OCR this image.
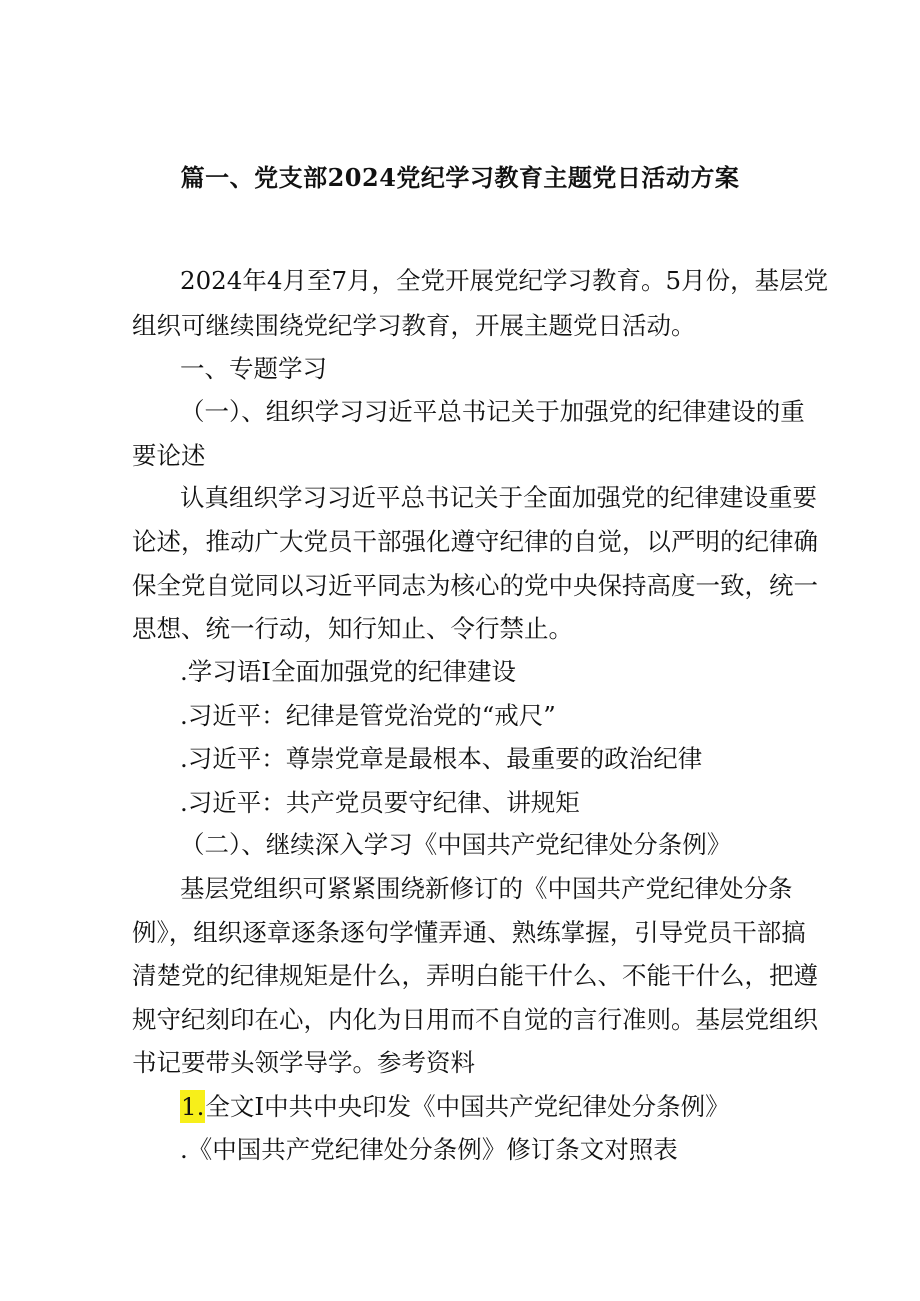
篇一、党支部2024党纪学习教育主题党日活动方案
2024年4月至7月，全党开展党纪学习教育。5月份，基层党
组织可继续围绕党纪学习教育，开展主题党日活动。
一、专题学习
（一）、组织学习习近平总书记关于加强党的纪律建设的重
要论述
认真组织学习习近平总书记关于全面加强党的纪律建设重要
论述，推动广大党员干部强化遵守纪律的自觉，以严明的纪律确
保全党自觉同以习近平同志为核心的党中央保持高度一致，统一
思想、统一行动，知行知止、令行禁止。
.学习语I全面加强党的纪律建设
.习近平：纪律是管党治党的“戒尺”
.习近平：尊崇党章是最根本、最重要的政治纪律
.习近平：共产党员要守纪律、讲规矩
（二）、继续深入学习《中国共产党纪律处分条例》
基层党组织可紧紧围绕新修订的《中国共产党纪律处分条
例》，组织逐章逐条逐句学懂弄通、熟练掌握，引导党员干部搞
清楚党的纪律规矩是什么，弄明白能干什么、不能干什么，把遵
规守纪刻印在心，内化为日用而不自觉的言行准则。基层党组织
书记要带头领学导学。参考资料
1.全文I中共中央印发《中国共产党纪律处分条例》
.《中国共产党纪律处分条例》修订条文对照表
